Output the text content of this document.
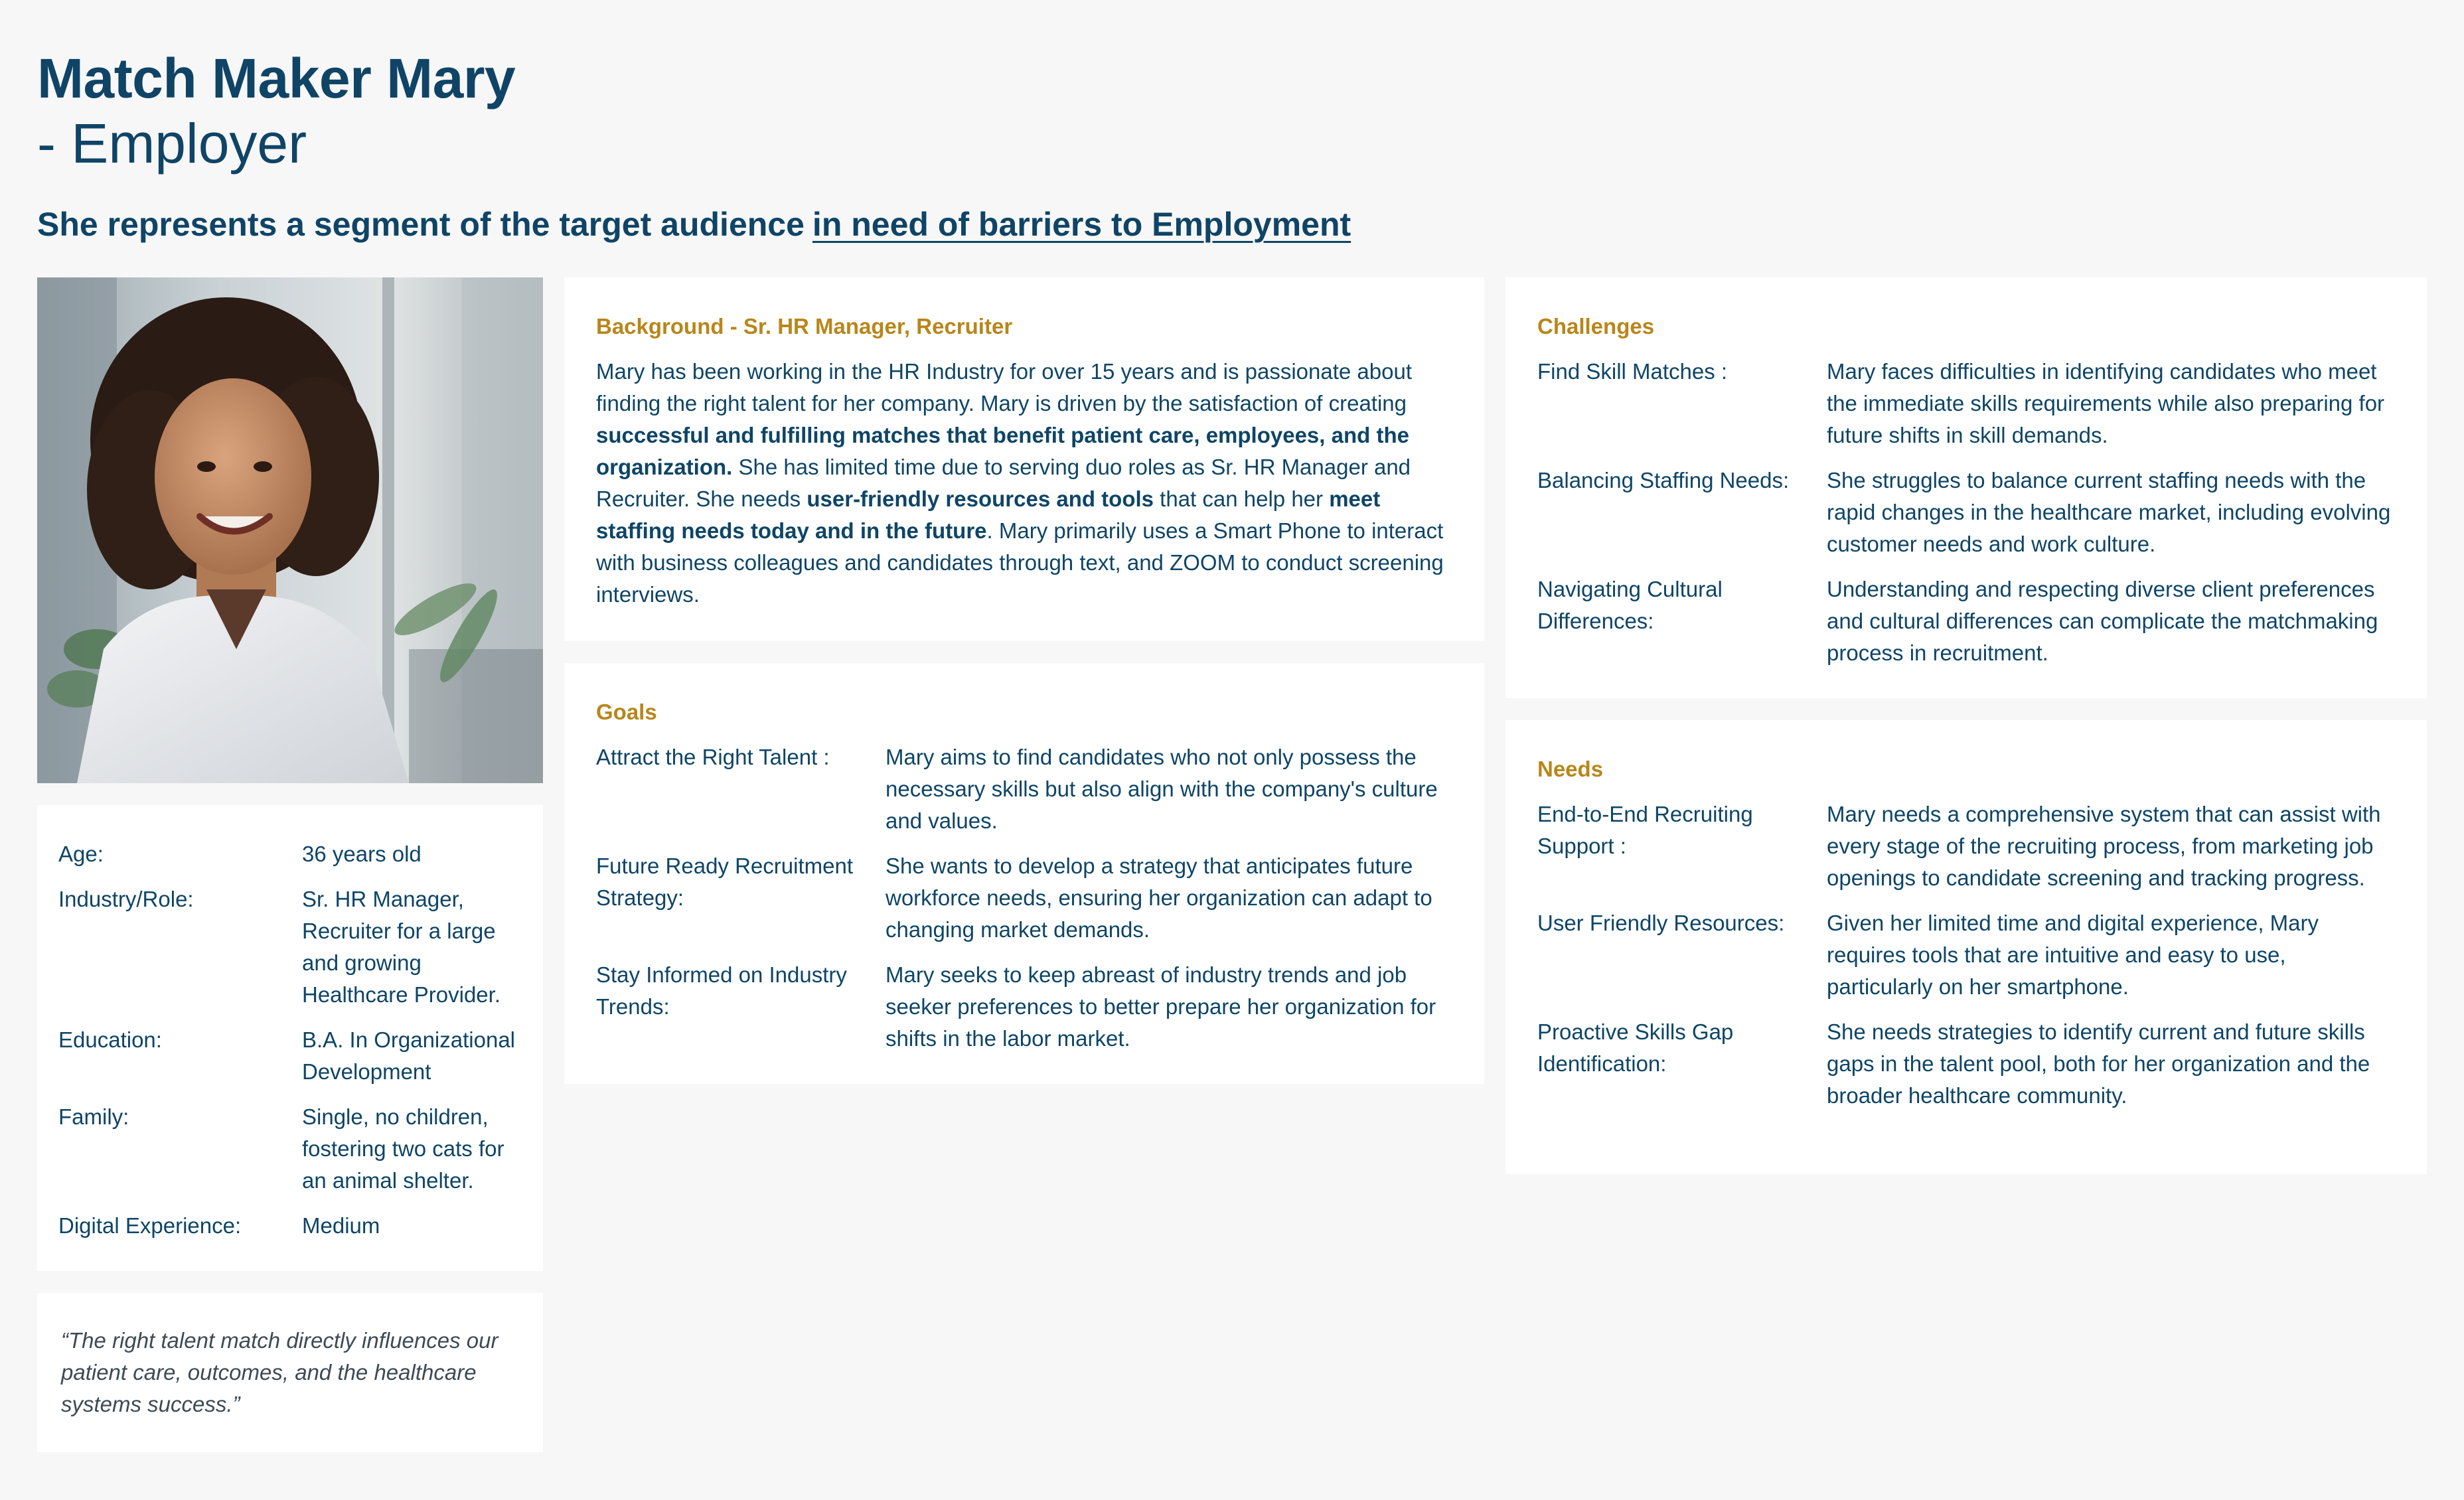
Match Maker Mary
- Employer
She represents a segment of the target audience in need of barriers to Employment
Age:	36 years old
Industry/Role:	Sr. HR Manager, Recruiter for a large and growing Healthcare Provider.
Education:	B.A. In Organizational Development
Family:	Single, no children, fostering two cats for an animal shelter.
Digital Experience:	Medium

“The right talent match directly influences our patient care, outcomes, and the healthcare systems success.”

Background - Sr. HR Manager, Recruiter

Mary has been working in the HR Industry for over 15 years and is passionate about finding the right talent for her company. Mary is driven by the satisfaction of creating successful and fulfilling matches that benefit patient care, employees, and the organization. She has limited time due to serving duo roles as Sr. HR Manager and Recruiter. She needs user-friendly resources and tools that can help her meet staffing needs today and in the future. Mary primarily uses a Smart Phone to interact with business colleagues and candidates through text, and ZOOM to conduct screening interviews.

Goals
Attract the Right Talent :	Mary aims to find candidates who not only possess the necessary skills but also align with the company's culture and values.
Future Ready Recruitment Strategy:
She wants to develop a strategy that anticipates future workforce needs, ensuring her organization can adapt to changing market demands.
Stay Informed on Industry Trends:
Mary seeks to keep abreast of industry trends and job seeker preferences to better prepare her organization for shifts in the labor market.
Challenges
Find Skill Matches :	Mary faces difficulties in identifying candidates who meet the immediate skills requirements while also preparing for future shifts in skill demands.
Balancing Staffing Needs:	She struggles to balance current staffing needs with the rapid changes in the healthcare market, including evolving customer needs and work culture.
Navigating Cultural Differences:
Understanding and respecting diverse client preferences and cultural differences can complicate the matchmaking process in recruitment.
Needs
End-to-End Recruiting Support :
Mary needs a comprehensive system that can assist with every stage of the recruiting process, from marketing job openings to candidate screening and tracking progress.
User Friendly Resources:	Given her limited time and digital experience, Mary requires tools that are intuitive and easy to use, particularly on her smartphone.
Proactive Skills Gap Identification:
She needs strategies to identify current and future skills gaps in the talent pool, both for her organization and the broader healthcare community.
